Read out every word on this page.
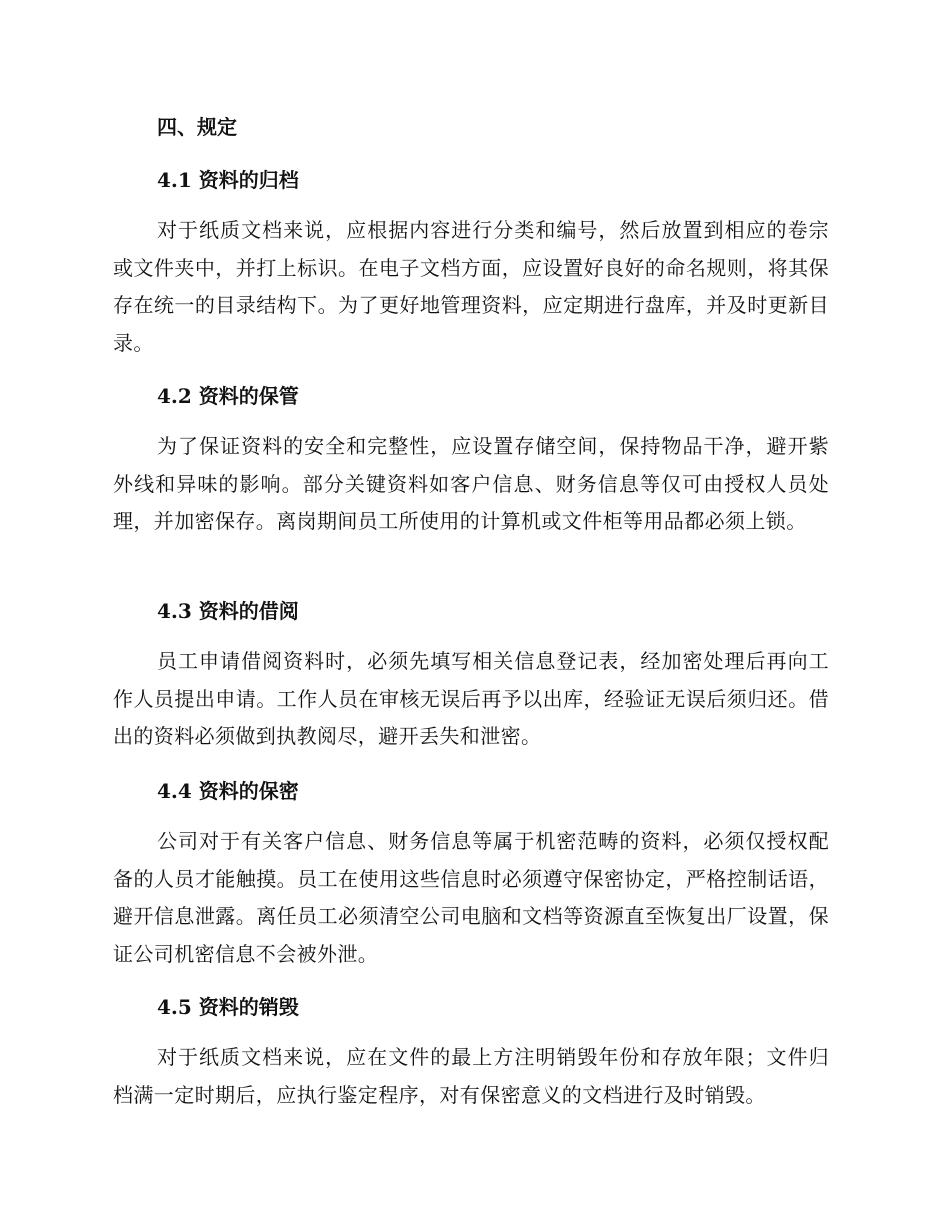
四、规定
4.1 资料的归档
对于纸质文档来说，应根据内容进行分类和编号，然后放置到相应的卷宗或文件夹中，并打上标识。在电子文档方面，应设置好良好的命名规则，将其保存在统一的目录结构下。为了更好地管理资料，应定期进行盘库，并及时更新目录。
4.2 资料的保管
为了保证资料的安全和完整性，应设置存储空间，保持物品干净，避开紫外线和异味的影响。部分关键资料如客户信息、财务信息等仅可由授权人员处理，并加密保存。离岗期间员工所使用的计算机或文件柜等用品都必须上锁。
4.3 资料的借阅
员工申请借阅资料时，必须先填写相关信息登记表，经加密处理后再向工作人员提出申请。工作人员在审核无误后再予以出库，经验证无误后须归还。借出的资料必须做到执教阅尽，避开丢失和泄密。
4.4 资料的保密
公司对于有关客户信息、财务信息等属于机密范畴的资料，必须仅授权配备的人员才能触摸。员工在使用这些信息时必须遵守保密协定，严格控制话语，避开信息泄露。离任员工必须清空公司电脑和文档等资源直至恢复出厂设置，保证公司机密信息不会被外泄。
4.5 资料的销毁
对于纸质文档来说，应在文件的最上方注明销毁年份和存放年限；文件归档满一定时期后，应执行鉴定程序，对有保密意义的文档进行及时销毁。
